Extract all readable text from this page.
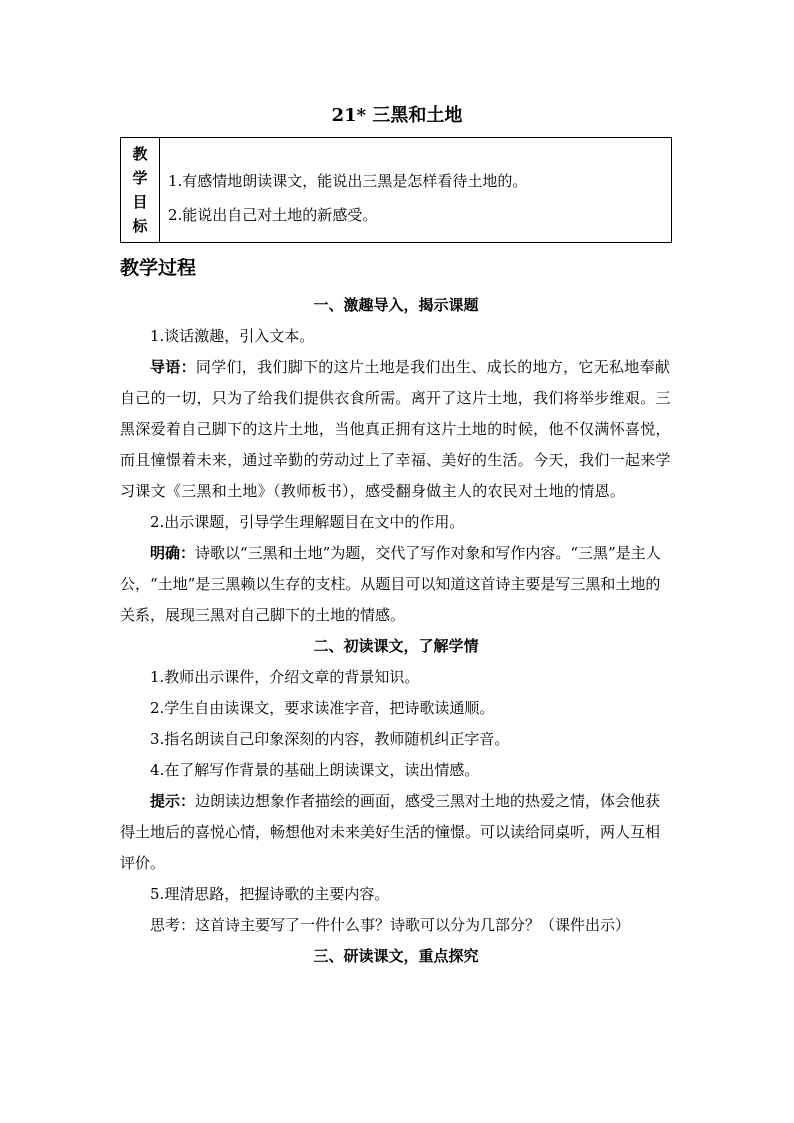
21* 三黑和土地
教
学
目
标
1.有感情地朗读课文，能说出三黑是怎样看待土地的。
2.能说出自己对土地的新感受。
教学过程
一、激趣导入，揭示课题

1.谈话激趣，引入文本。

导语：同学们，我们脚下的这片土地是我们出生、成长的地方，它无私地奉献自己的一切，只为了给我们提供衣食所需。离开了这片土地，我们将举步维艰。三黑深爱着自己脚下的这片土地，当他真正拥有这片土地的时候，他不仅满怀喜悦，而且憧憬着未来，通过辛勤的劳动过上了幸福、美好的生活。今天，我们一起来学习课文《三黑和土地》（教师板书），感受翻身做主人的农民对土地的情恩。

2.出示课题，引导学生理解题目在文中的作用。

明确：诗歌以“三黑和土地”为题，交代了写作对象和写作内容。“三黑”是主人公，“土地”是三黑赖以生存的支柱。从题目可以知道这首诗主要是写三黑和土地的关系，展现三黑对自己脚下的土地的情感。

二、初读课文，了解学情

1.教师出示课件，介绍文章的背景知识。

2.学生自由读课文，要求读准字音，把诗歌读通顺。

3.指名朗读自己印象深刻的内容，教师随机纠正字音。

4.在了解写作背景的基础上朗读课文，读出情感。

提示：边朗读边想象作者描绘的画面，感受三黑对土地的热爱之情，体会他获得土地后的喜悦心情，畅想他对未来美好生活的憧憬。可以读给同桌听，两人互相评价。

5.理清思路，把握诗歌的主要内容。

思考：这首诗主要写了一件什么事？诗歌可以分为几部分？（课件出示）

三、研读课文，重点探究
